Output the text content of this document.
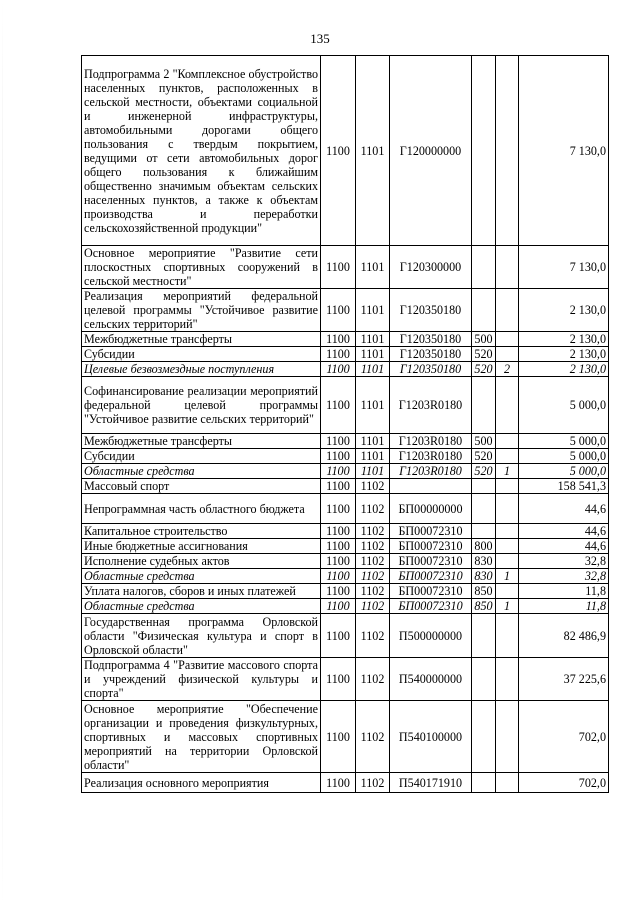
135
Подпрограмма 2 "Комплексное обустройство населенных пунктов, расположенных в сельской местности, объектами социальной и инженерной инфраструктуры, автомобильными дорогами общего пользования с твердым покрытием, ведущими от сети автомобильных дорог общего пользования к ближайшим общественно значимым объектам сельских населенных пунктов, а также к объектам производства и переработки сельскохозяйственной продукции"	1100	1101	Г120000000			7 130,0
Основное мероприятие "Развитие сети плоскостных спортивных сооружений в сельской местности"	1100	1101	Г120300000			7 130,0
Реализация мероприятий федеральной целевой программы "Устойчивое развитие сельских территорий"	1100	1101	Г120350180			2 130,0
Межбюджетные трансферты	1100	1101	Г120350180	500		2 130,0
Субсидии	1100	1101	Г120350180	520		2 130,0
Целевые безвозмездные поступления	1100	1101	Г120350180	520	2	2 130,0
Софинансирование реализации мероприятий федеральной целевой программы "Устойчивое развитие сельских территорий"	1100	1101	Г1203R0180			5 000,0
Межбюджетные трансферты	1100	1101	Г1203R0180	500		5 000,0
Субсидии	1100	1101	Г1203R0180	520		5 000,0
Областные средства	1100	1101	Г1203R0180	520	1	5 000,0
Массовый спорт	1100	1102				158 541,3
Непрограммная часть областного бюджета	1100	1102	БП00000000			44,6
Капитальное строительство	1100	1102	БП00072310			44,6
Иные бюджетные ассигнования	1100	1102	БП00072310	800		44,6
Исполнение судебных актов	1100	1102	БП00072310	830		32,8
Областные средства	1100	1102	БП00072310	830	1	32,8
Уплата налогов, сборов и иных платежей	1100	1102	БП00072310	850		11,8
Областные средства	1100	1102	БП00072310	850	1	11,8
Государственная программа Орловской области "Физическая культура и спорт в Орловской области"	1100	1102	П500000000			82 486,9
Подпрограмма 4 "Развитие массового спорта и учреждений физической культуры и спорта"	1100	1102	П540000000			37 225,6
Основное мероприятие "Обеспечение организации и проведения физкультурных, спортивных и массовых спортивных мероприятий на территории Орловской области"	1100	1102	П540100000			702,0
Реализация основного мероприятия	1100	1102	П540171910			702,0
